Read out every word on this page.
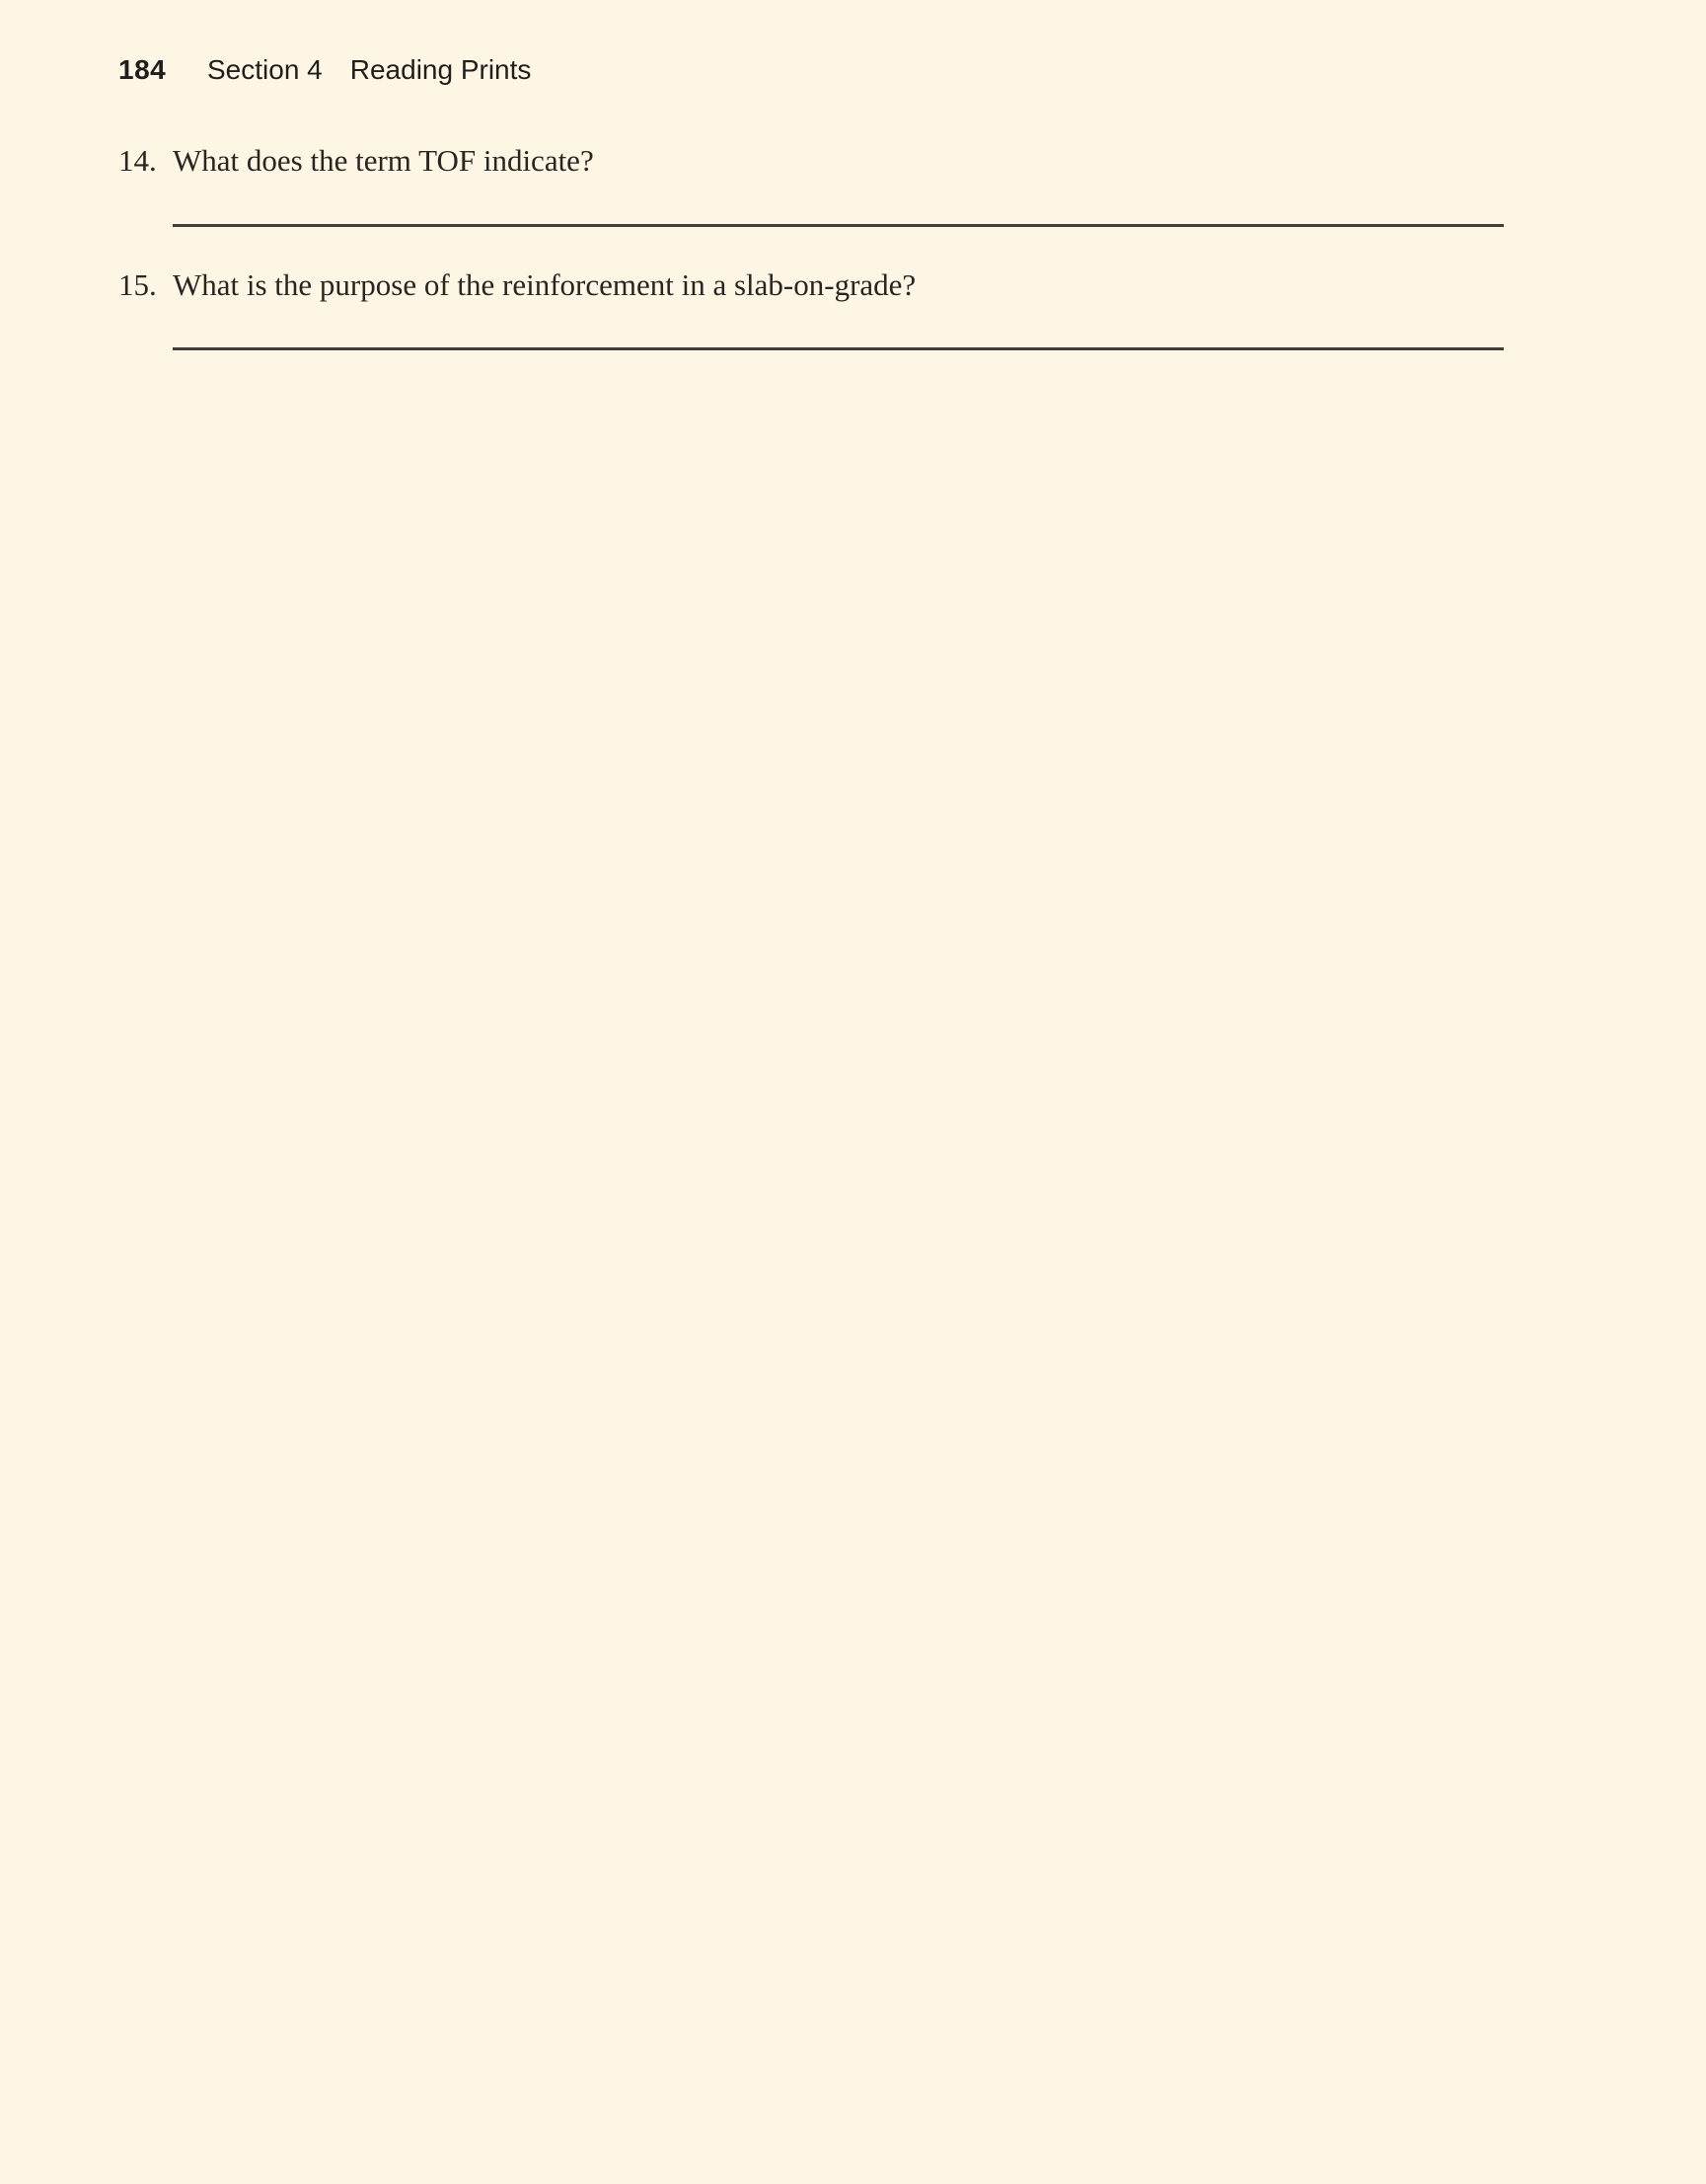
184 Section 4 Reading Prints
14. What does the term TOF indicate?
15. What is the purpose of the reinforcement in a slab-on-grade?
